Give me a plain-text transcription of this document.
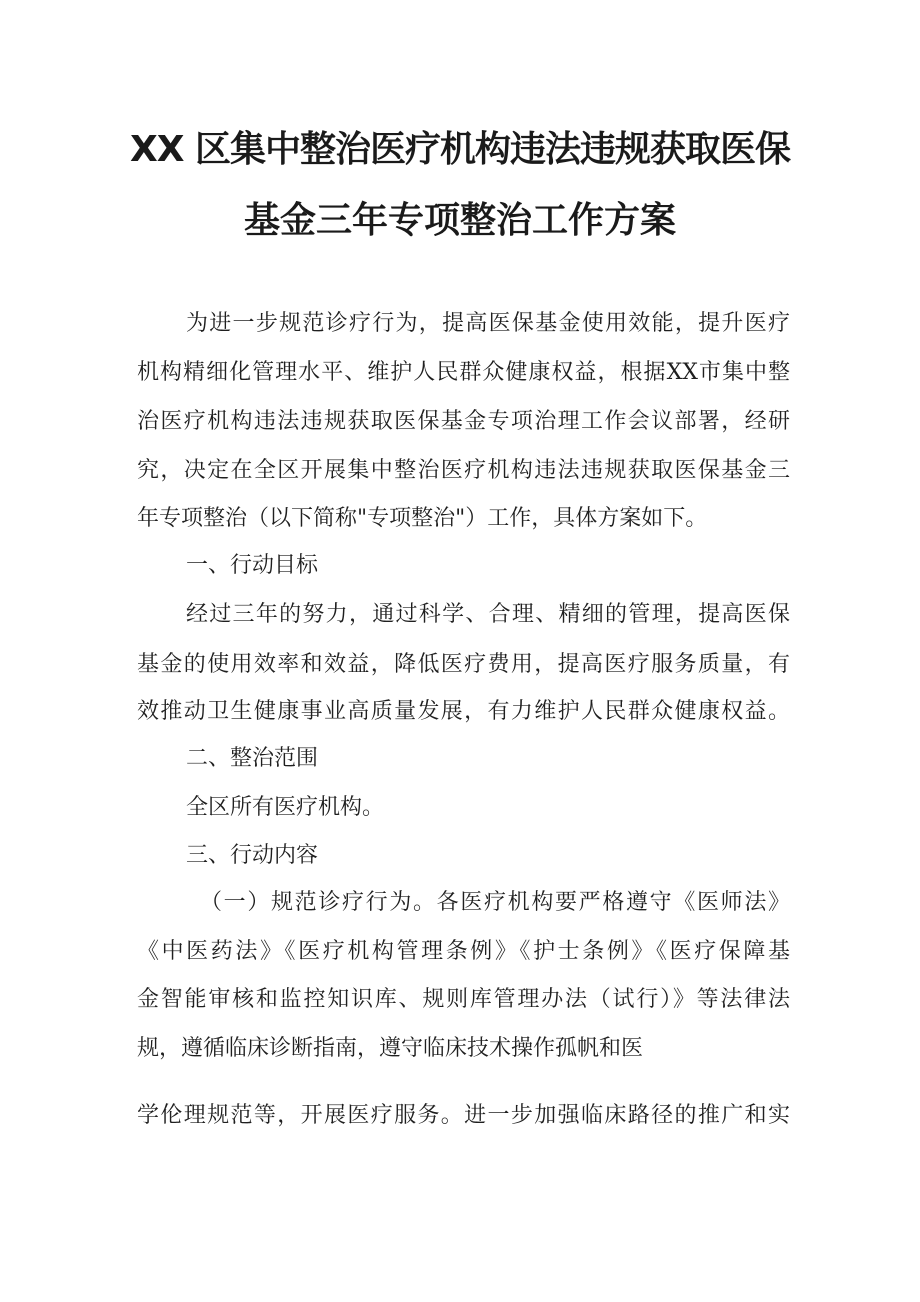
XX 区集中整治医疗机构违法违规获取医保
基金三年专项整治工作方案
为进一步规范诊疗行为，提高医保基金使用效能，提升医疗
机构精细化管理水平、维护人民群众健康权益，根据XX市集中整
治医疗机构违法违规获取医保基金专项治理工作会议部署，经研
究，决定在全区开展集中整治医疗机构违法违规获取医保基金三
年专项整治（以下简称"专项整治"）工作，具体方案如下。
一、行动目标
经过三年的努力，通过科学、合理、精细的管理，提高医保
基金的使用效率和效益，降低医疗费用，提高医疗服务质量，有
效推动卫生健康事业高质量发展，有力维护人民群众健康权益。
二、整治范围
全区所有医疗机构。
三、行动内容
（一）规范诊疗行为。各医疗机构要严格遵守《医师法》
《中医药法》《医疗机构管理条例》《护士条例》《医疗保障基
金智能审核和监控知识库、规则库管理办法（试行）》等法律法
规，遵循临床诊断指南，遵守临床技术操作孤帆和医
学伦理规范等，开展医疗服务。进一步加强临床路径的推广和实
